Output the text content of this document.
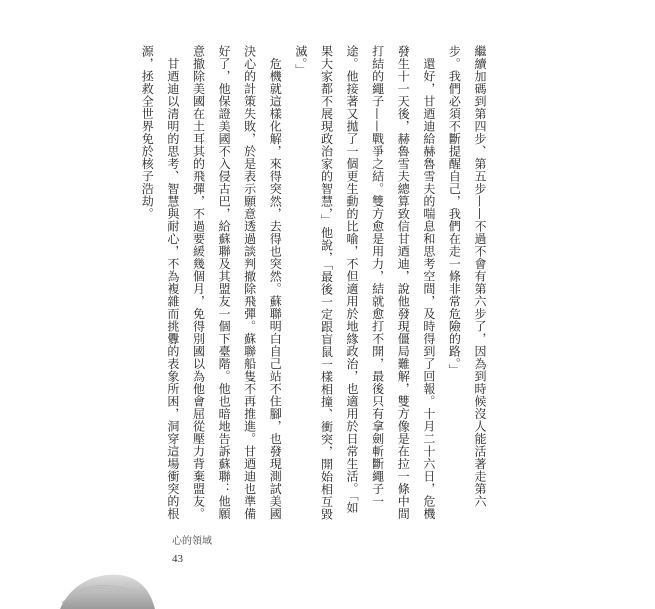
繼續加碼到第四步、第五步——不過不會有第六步了，因為到時候沒人能活著走第六步。我們必須不斷提醒自己，我們在走一條非常危險的路。」
　還好，甘迺迪給赫魯雪夫的喘息和思考空間，及時得到了回報。十月二十六日，危機發生十一天後，赫魯雪夫總算致信甘迺迪，說他發現僵局難解，雙方像是在拉一條中間打結的繩子——戰爭之結。雙方愈是用力，結就愈打不開，最後只有拿劍斬斷繩子一途。他接著又拋了一個更生動的比喻，不但適用於地緣政治，也適用於日常生活。「如果大家都不展現政治家的智慧，」他說，「最後一定跟盲鼠一樣相撞、衝突，開始相互毀滅。」
　危機就這樣化解，來得突然，去得也突然。蘇聯明白自己站不住腳，也發現測試美國決心的計策失敗，於是表示願意透過談判撤除飛彈。蘇聯船隻不再推進。甘迺迪也準備好了，他保證美國不入侵古巴，給蘇聯及其盟友一個下臺階。他也暗地告訴蘇聯：他願意撤除美國在土耳其的飛彈，不過要緩幾個月，免得別國以為他會屈從壓力背棄盟友。
　甘迺迪以清明的思考、智慧與耐心，不為複雜而挑釁的表象所困，洞穿這場衝突的根源，拯救全世界免於核子浩劫。
心的領域
43
